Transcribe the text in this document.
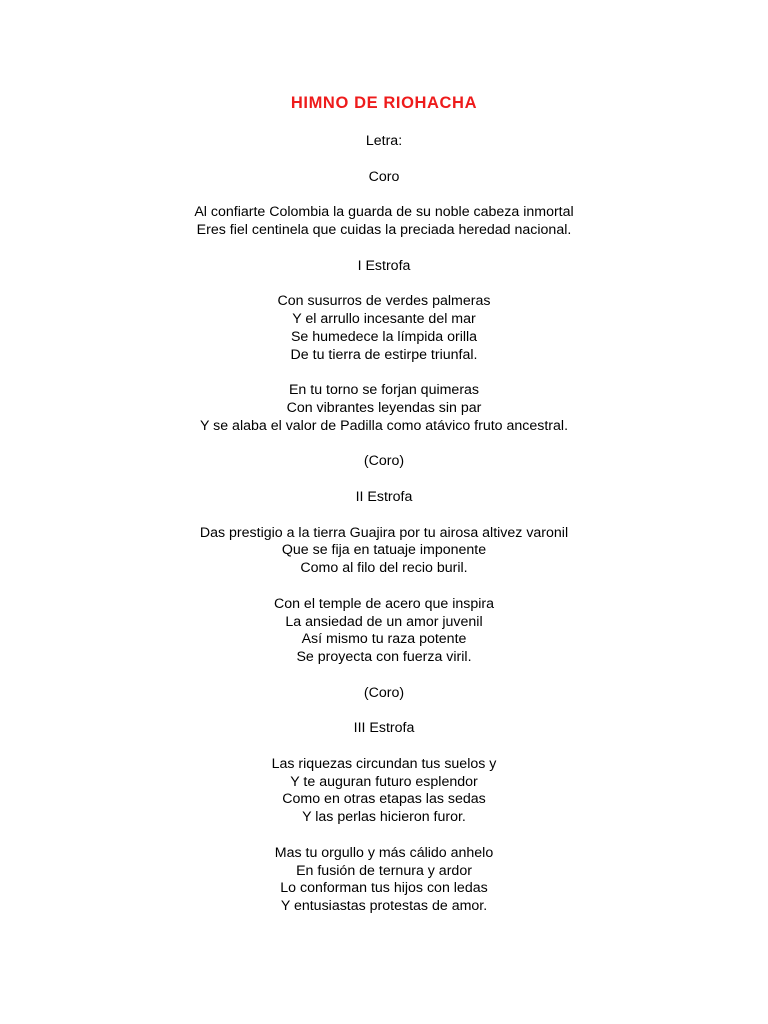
HIMNO DE RIOHACHA
Letra:
Coro
Al confiarte Colombia la guarda de su noble cabeza inmortal
Eres fiel centinela que cuidas la preciada heredad nacional.
I Estrofa
Con susurros de verdes palmeras
Y el arrullo incesante del mar
Se humedece la límpida orilla
De tu tierra de estirpe triunfal.
En tu torno se forjan quimeras
Con vibrantes leyendas sin par
Y se alaba el valor de Padilla como atávico fruto ancestral.
(Coro)
II Estrofa
Das prestigio a la tierra Guajira por tu airosa altivez varonil
Que se fija en tatuaje imponente
Como al filo del recio buril.
Con el temple de acero que inspira
La ansiedad de un amor juvenil
Así mismo tu raza potente
Se proyecta con fuerza viril.
(Coro)
III Estrofa
Las riquezas circundan tus suelos y
Y te auguran futuro esplendor
Como en otras etapas las sedas
Y las perlas hicieron furor.
Mas tu orgullo y más cálido anhelo
En fusión de ternura y ardor
Lo conforman tus hijos con ledas
Y entusiastas protestas de amor.
